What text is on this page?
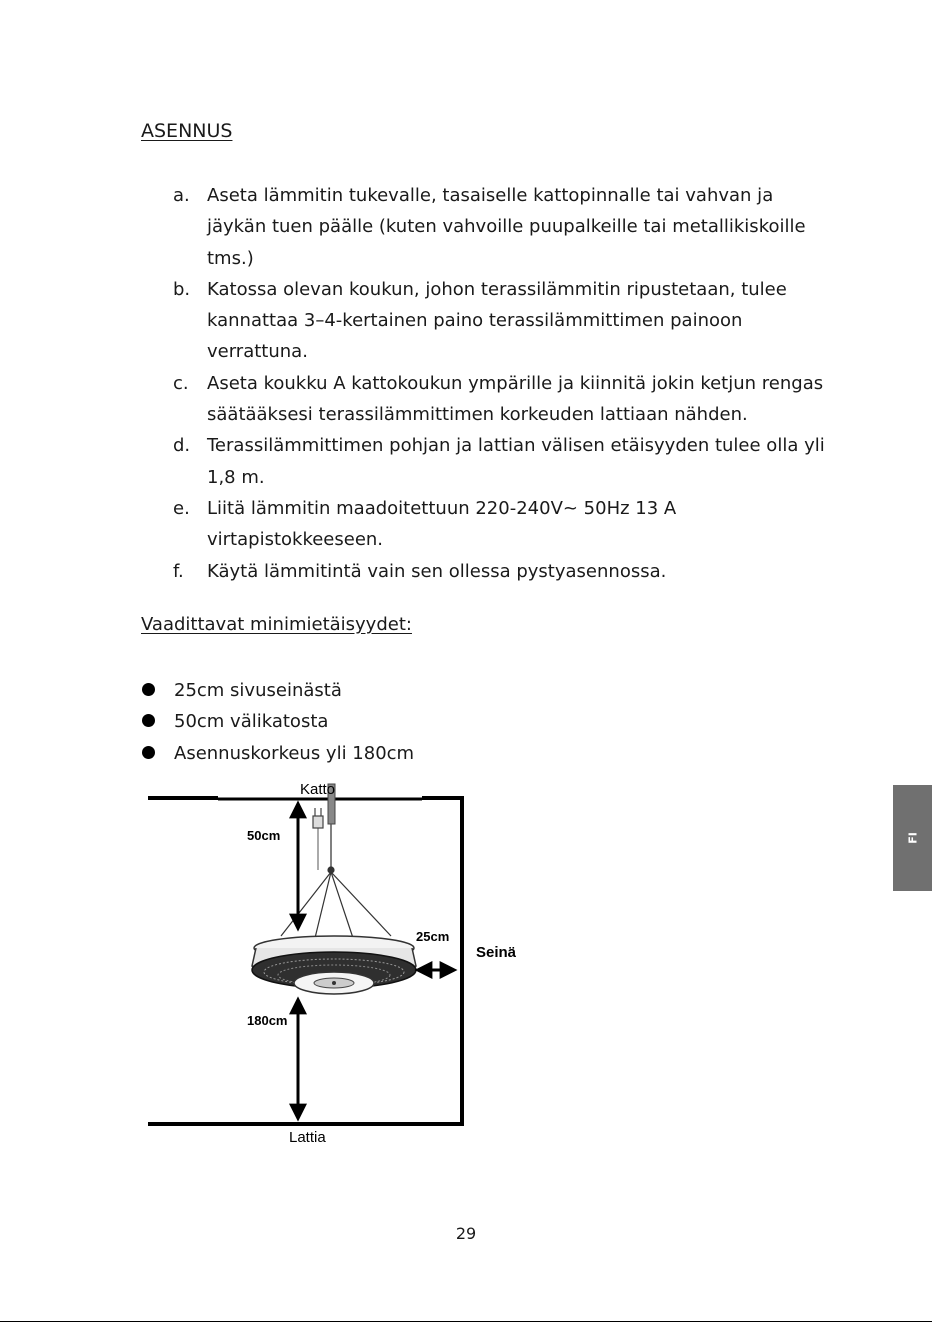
ASENNUS
a. Aseta lämmitin tukevalle, tasaiselle kattopinnalle tai vahvan ja jäykän tuen päälle (kuten vahvoille puupalkeille tai metallikiskoille tms.)
b. Katossa olevan koukun, johon terassilämmitin ripustetaan, tulee kannattaa 3–4-kertainen paino terassilämmittimen painoon verrattuna.
c. Aseta koukku A kattokoukun ympärille ja kiinnitä jokin ketjun rengas säätääksesi terassilämmittimen korkeuden lattiaan nähden.
d. Terassilämmittimen pohjan ja lattian välisen etäisyyden tulee olla yli 1,8 m.
e. Liitä lämmitin maadoitettuun 220-240V~ 50Hz 13 A virtapistokkeeseen.
f. Käytä lämmitintä vain sen ollessa pystyasennossa.
Vaadittavat minimietäisyydet:
25cm sivuseinästä
50cm välikatosta
Asennuskorkeus yli 180cm
Katto
50cm
25cm
Seinä
180cm
Lattia
FI
29
